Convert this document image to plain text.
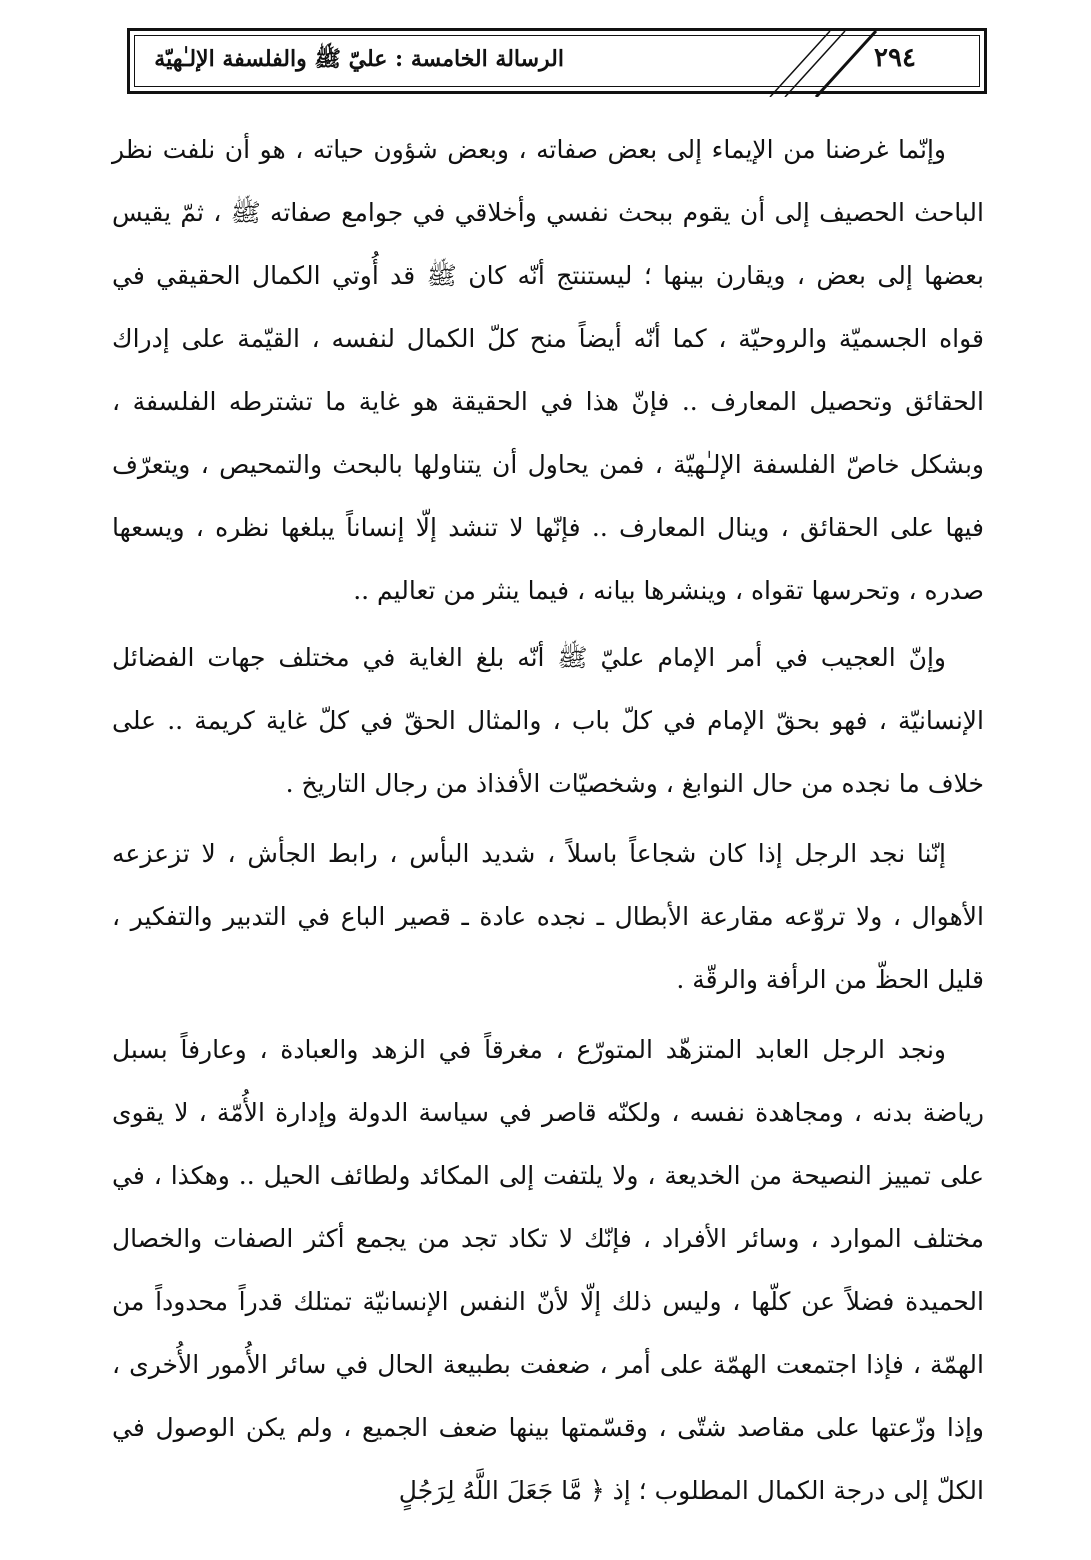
الرسالة الخامسة : عليّ ﷺ والفلسفة الإلـٰهيّة	٢٩٤

وإنّما غرضنا من الإيماء إلى بعض صفاته ، وبعض شؤون حياته ، هو أن نلفت نظر الباحث الحصيف إلى أن يقوم ببحث نفسي وأخلاقي في جوامع صفاته ﷺ ، ثمّ يقيس بعضها إلى بعض ، ويقارن بينها ؛ ليستنتج أنّه كان ﷺ قد أُوتي الكمال الحقيقي في قواه الجسميّة والروحيّة ، كما أنّه أيضاً منح كلّ الكمال لنفسه ، القيّمة على إدراك الحقائق وتحصيل المعارف .. فإنّ هذا في الحقيقة هو غاية ما تشترطه الفلسفة ، وبشكل خاصّ الفلسفة الإلـٰهيّة ، فمن يحاول أن يتناولها بالبحث والتمحيص ، ويتعرّف فيها على الحقائق ، وينال المعارف .. فإنّها لا تنشد إلّا إنساناً يبلغها نظره ، ويسعها صدره ، وتحرسها تقواه ، وينشرها بيانه ، فيما ينثر من تعاليم ..

وإنّ العجيب في أمر الإمام عليّ ﷺ أنّه بلغ الغاية في مختلف جهات الفضائل الإنسانيّة ، فهو بحقّ الإمام في كلّ باب ، والمثال الحقّ في كلّ غاية كريمة .. على خلاف ما نجده من حال النوابغ ، وشخصيّات الأفذاذ من رجال التاريخ .

إنّنا نجد الرجل إذا كان شجاعاً باسلاً ، شديد البأس ، رابط الجأش ، لا تزعزعه الأهوال ، ولا تروّعه مقارعة الأبطال ـ نجده عادة ـ قصير الباع في التدبير والتفكير ، قليل الحظّ من الرأفة والرقّة .

ونجد الرجل العابد المتزهّد المتورّع ، مغرقاً في الزهد والعبادة ، وعارفاً بسبل رياضة بدنه ، ومجاهدة نفسه ، ولكنّه قاصر في سياسة الدولة وإدارة الأُمّة ، لا يقوى على تمييز النصيحة من الخديعة ، ولا يلتفت إلى المكائد ولطائف الحيل .. وهكذا ، في مختلف الموارد ، وسائر الأفراد ، فإنّك لا تكاد تجد من يجمع أكثر الصفات والخصال الحميدة فضلاً عن كلّها ، وليس ذلك إلّا لأنّ النفس الإنسانيّة تمتلك قدراً محدوداً من الهمّة ، فإذا اجتمعت الهمّة على أمر ، ضعفت بطبيعة الحال في سائر الأُمور الأُخرى ، وإذا وزّعتها على مقاصد شتّى ، وقسّمتها بينها ضعف الجميع ، ولم يكن الوصول في الكلّ إلى درجة الكمال المطلوب ؛ إذ ﴿ مَّا جَعَلَ اللَّهُ لِرَجُلٍ
